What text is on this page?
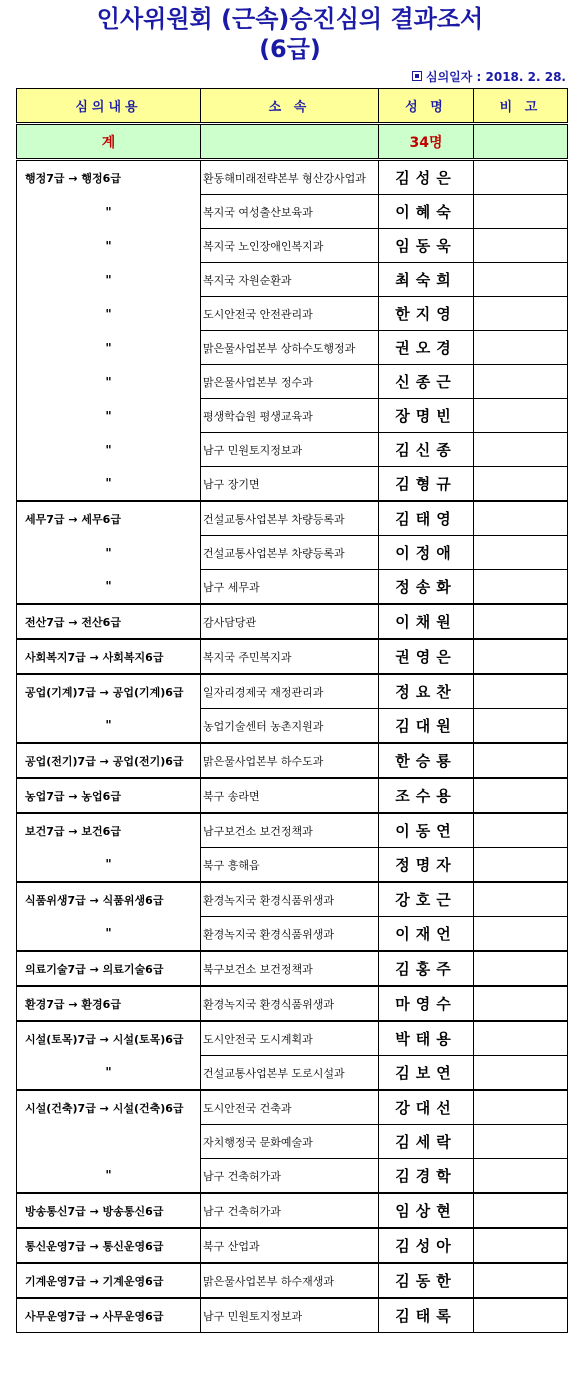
인사위원회 (근속)승진심의 결과조서
(6급)
심의일자 : 2018. 2. 28.
심의내용	소 속	성 명	비 고
계		34명	
행정7급 → 행정6급	환동해미래전략본부 형산강사업과	김성은	
"	복지국 여성출산보육과	이혜숙	
"	복지국 노인장애인복지과	임동욱	
"	복지국 자원순환과	최숙희	
"	도시안전국 안전관리과	한지영	
"	맑은물사업본부 상하수도행정과	권오경	
"	맑은물사업본부 정수과	신종근	
"	평생학습원 평생교육과	장명빈	
"	남구 민원토지정보과	김신종	
"	남구 장기면	김형규	
세무7급 → 세무6급	건설교통사업본부 차량등록과	김태영	
"	건설교통사업본부 차량등록과	이정애	
"	남구 세무과	정송화	
전산7급 → 전산6급	감사담당관	이채원	
사회복지7급 → 사회복지6급	복지국 주민복지과	권영은	
공업(기계)7급 → 공업(기계)6급	일자리경제국 재정관리과	정요찬	
"	농업기술센터 농촌지원과	김대원	
공업(전기)7급 → 공업(전기)6급	맑은물사업본부 하수도과	한승룡	
농업7급 → 농업6급	북구 송라면	조수용	
보건7급 → 보건6급	남구보건소 보건정책과	이동연	
"	북구 흥해읍	정명자	
식품위생7급 → 식품위생6급	환경녹지국 환경식품위생과	강호근	
"	환경녹지국 환경식품위생과	이재언	
의료기술7급 → 의료기술6급	북구보건소 보건정책과	김홍주	
환경7급 → 환경6급	환경녹지국 환경식품위생과	마영수	
시설(토목)7급 → 시설(토목)6급	도시안전국 도시계획과	박태용	
"	건설교통사업본부 도로시설과	김보연	
시설(건축)7급 → 시설(건축)6급	도시안전국 건축과	강대선	
	자치행정국 문화예술과	김세락	
"	남구 건축허가과	김경학	
방송통신7급 → 방송통신6급	남구 건축허가과	임상현	
통신운영7급 → 통신운영6급	북구 산업과	김성아	
기계운영7급 → 기계운영6급	맑은물사업본부 하수재생과	김동한	
사무운영7급 → 사무운영6급	남구 민원토지정보과	김태록	
